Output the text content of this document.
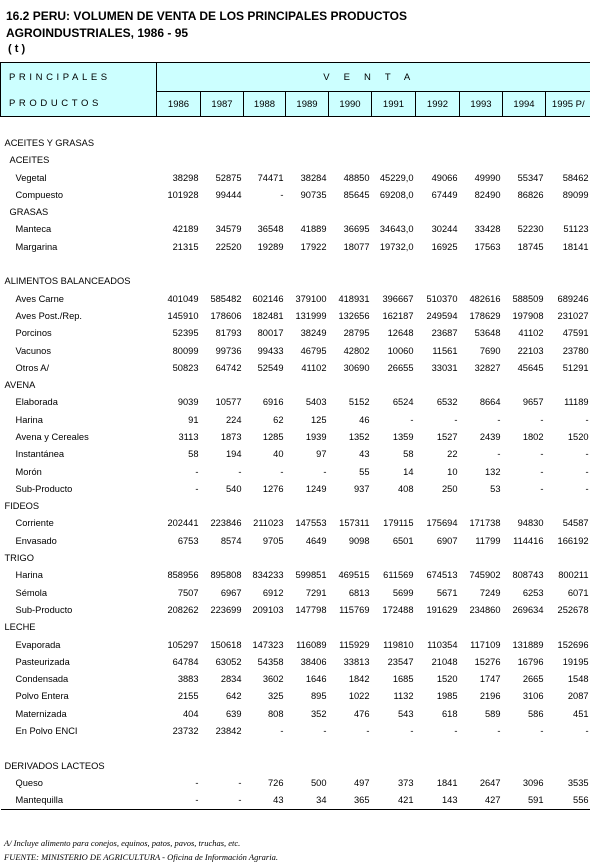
16.2 PERU: VOLUMEN DE VENTA DE LOS PRINCIPALES PRODUCTOS
AGROINDUSTRIALES, 1986 - 95
( t )
PRINCIPALES	VENTA									
PRODUCTOS	1986	1987	1988	1989	1990	1991	1992	1993	1994	1995 P/

ACEITES Y GRASAS										
ACEITES										
Vegetal	38298	52875	74471	38284	48850	45229,0	49066	49990	55347	58462
Compuesto	101928	99444	-	90735	85645	69208,0	67449	82490	86826	89099
GRASAS										
Manteca	42189	34579	36548	41889	36695	34643,0	30244	33428	52230	51123
Margarina	21315	22520	19289	17922	18077	19732,0	16925	17563	18745	18141

ALIMENTOS BALANCEADOS										
Aves Carne	401049	585482	602146	379100	418931	396667	510370	482616	588509	689246
Aves Post./Rep.	145910	178606	182481	131999	132656	162187	249594	178629	197908	231027
Porcinos	52395	81793	80017	38249	28795	12648	23687	53648	41102	47591
Vacunos	80099	99736	99433	46795	42802	10060	11561	7690	22103	23780
Otros A/	50823	64742	52549	41102	30690	26655	33031	32827	45645	51291
AVENA										
Elaborada	9039	10577	6916	5403	5152	6524	6532	8664	9657	11189
Harina	91	224	62	125	46	-	-	-	-	-
Avena y Cereales	3113	1873	1285	1939	1352	1359	1527	2439	1802	1520
Instantánea	58	194	40	97	43	58	22	-	-	-
Morón	-	-	-	-	55	14	10	132	-	-
Sub-Producto	-	540	1276	1249	937	408	250	53	-	-
FIDEOS										
Corriente	202441	223846	211023	147553	157311	179115	175694	171738	94830	54587
Envasado	6753	8574	9705	4649	9098	6501	6907	11799	114416	166192
TRIGO										
Harina	858956	895808	834233	599851	469515	611569	674513	745902	808743	800211
Sémola	7507	6967	6912	7291	6813	5699	5671	7249	6253	6071
Sub-Producto	208262	223699	209103	147798	115769	172488	191629	234860	269634	252678
LECHE										
Evaporada	105297	150618	147323	116089	115929	119810	110354	117109	131889	152696
Pasteurizada	64784	63052	54358	38406	33813	23547	21048	15276	16796	19195
Condensada	3883	2834	3602	1646	1842	1685	1520	1747	2665	1548
Polvo Entera	2155	642	325	895	1022	1132	1985	2196	3106	2087
Maternizada	404	639	808	352	476	543	618	589	586	451
En Polvo ENCI	23732	23842	-	-	-	-	-	-	-	-

DERIVADOS LACTEOS										
Queso	-	-	726	500	497	373	1841	2647	3096	3535
Mantequilla	-	-	43	34	365	421	143	427	591	556

A/ Incluye alimento para conejos, equinos, patos, pavos, truchas, etc.
FUENTE: MINISTERIO DE AGRICULTURA - Oficina de Información Agraria.
